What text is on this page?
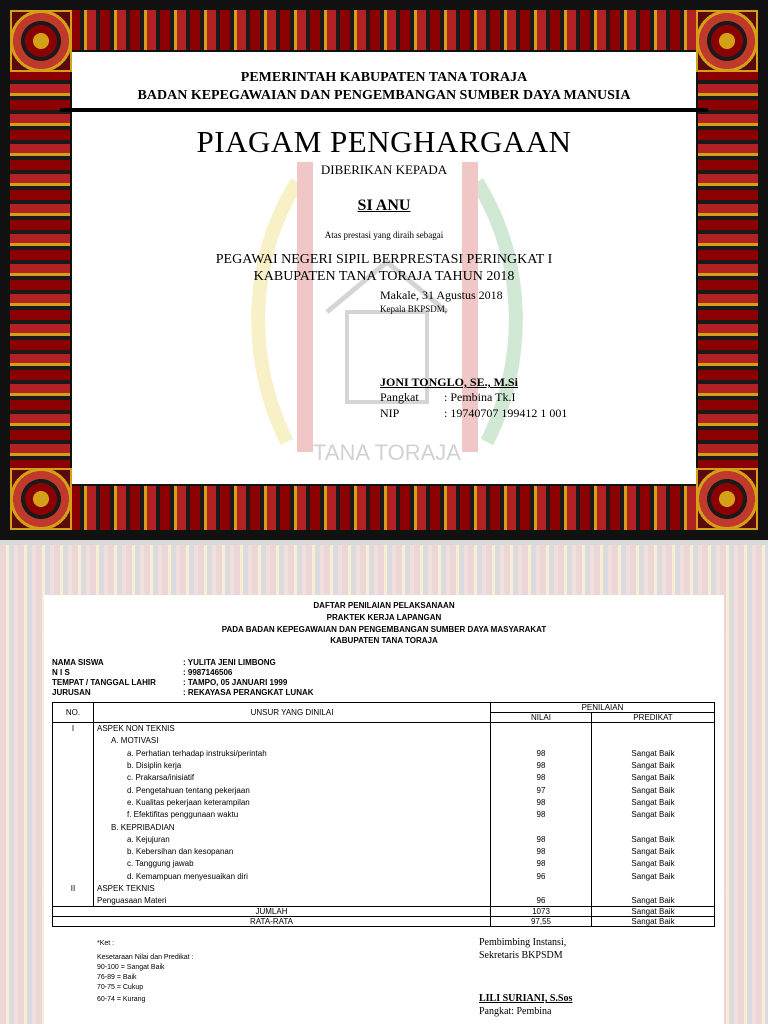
TANA TORAJA
PEMERINTAH KABUPATEN TANA TORAJA
BADAN KEPEGAWAIAN DAN PENGEMBANGAN SUMBER DAYA MANUSIA
PIAGAM PENGHARGAAN
DIBERIKAN KEPADA
SI ANU
Atas prestasi yang diraih sebagai
PEGAWAI NEGERI SIPIL BERPRESTASI PERINGKAT I
KABUPATEN TANA TORAJA TAHUN 2018
Makale, 31 Agustus 2018
Kepala BKPSDM,
JONI TONGLO, SE., M.Si
Pangkat : Pembina Tk.I
NIP	: 19740707 199412 1 001
DAFTAR PENILAIAN PELAKSANAAN
PRAKTEK KERJA LAPANGAN
PADA BADAN KEPEGAWAIAN DAN PENGEMBANGAN SUMBER DAYA MASYARAKAT
KABUPATEN TANA TORAJA
NAMA SISWA	: YULITA JENI LIMBONG
N I S	: 9987146506
TEMPAT / TANGGAL LAHIR	: TAMPO, 05 JANUARI 1999
JURUSAN	: REKAYASA PERANGKAT LUNAK
NO.	UNSUR YANG DINILAI	PENILAIAN	
		NILAI	PREDIKAT
I	ASPEK NON TEKNIS		
	A. MOTIVASI		
	a. Perhatian terhadap instruksi/perintah	98	Sangat Baik
	b. Disiplin kerja	98	Sangat Baik
	c. Prakarsa/inisiatif	98	Sangat Baik
	d. Pengetahuan tentang pekerjaan	97	Sangat Baik
	e. Kualitas pekerjaan keterampilan	98	Sangat Baik
	f. Efektifitas penggunaan waktu	98	Sangat Baik
	B. KEPRIBADIAN		
	a. Kejujuran	98	Sangat Baik
	b. Kebersihan dan kesopanan	98	Sangat Baik
	c. Tanggung jawab	98	Sangat Baik
	d. Kemampuan menyesuaikan diri	96	Sangat Baik
II	ASPEK TEKNIS		
	Penguasaan Materi	96	Sangat Baik
JUMLAH		1073	Sangat Baik
RATA-RATA		97,55	Sangat Baik
*Ket :
Kesetaraan Nilai dan Predikat :
90-100 = Sangat Baik
76-89 = Baik
70-75 = Cukup
60-74 = Kurang
Pembimbing Instansi,
Sekretaris BKPSDM
LILI SURIANI, S.Sos
Pangkat: Pembina
